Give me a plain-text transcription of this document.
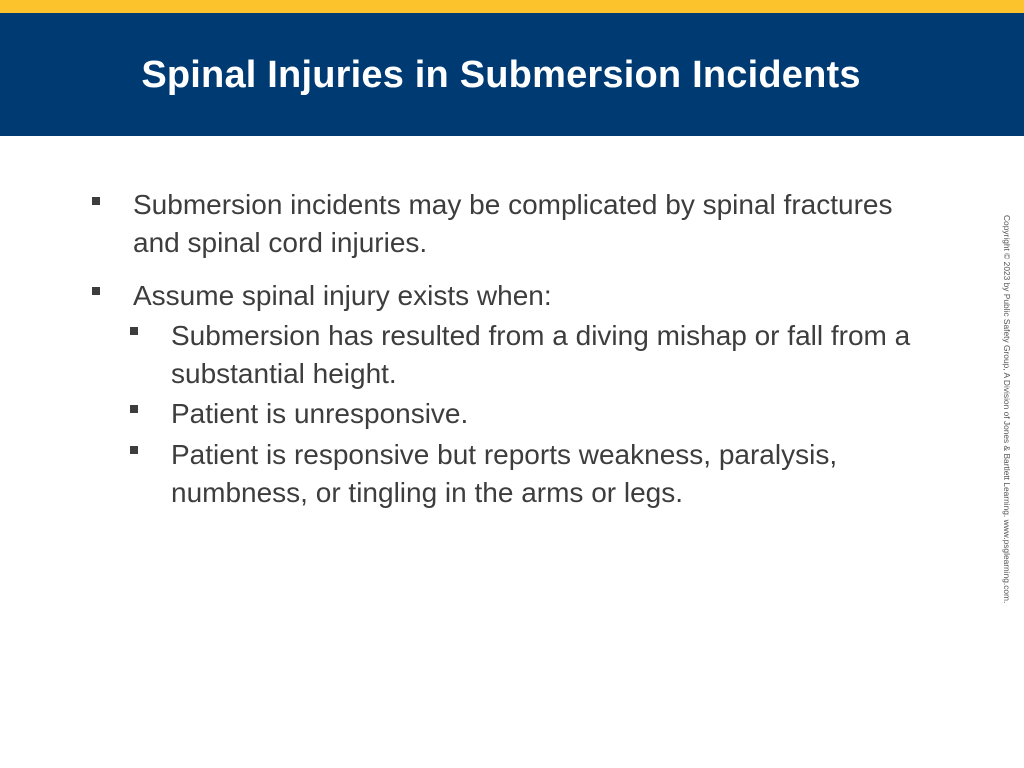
Spinal Injuries in Submersion Incidents
Submersion incidents may be complicated by spinal fractures and spinal cord injuries.
Assume spinal injury exists when:
Submersion has resulted from a diving mishap or fall from a substantial height.
Patient is unresponsive.
Patient is responsive but reports weakness, paralysis, numbness, or tingling in the arms or legs.	Copyright © 2023 by Public Safety Group, A Division of Jones & Bartlett Learning. www.psglearning.com.
